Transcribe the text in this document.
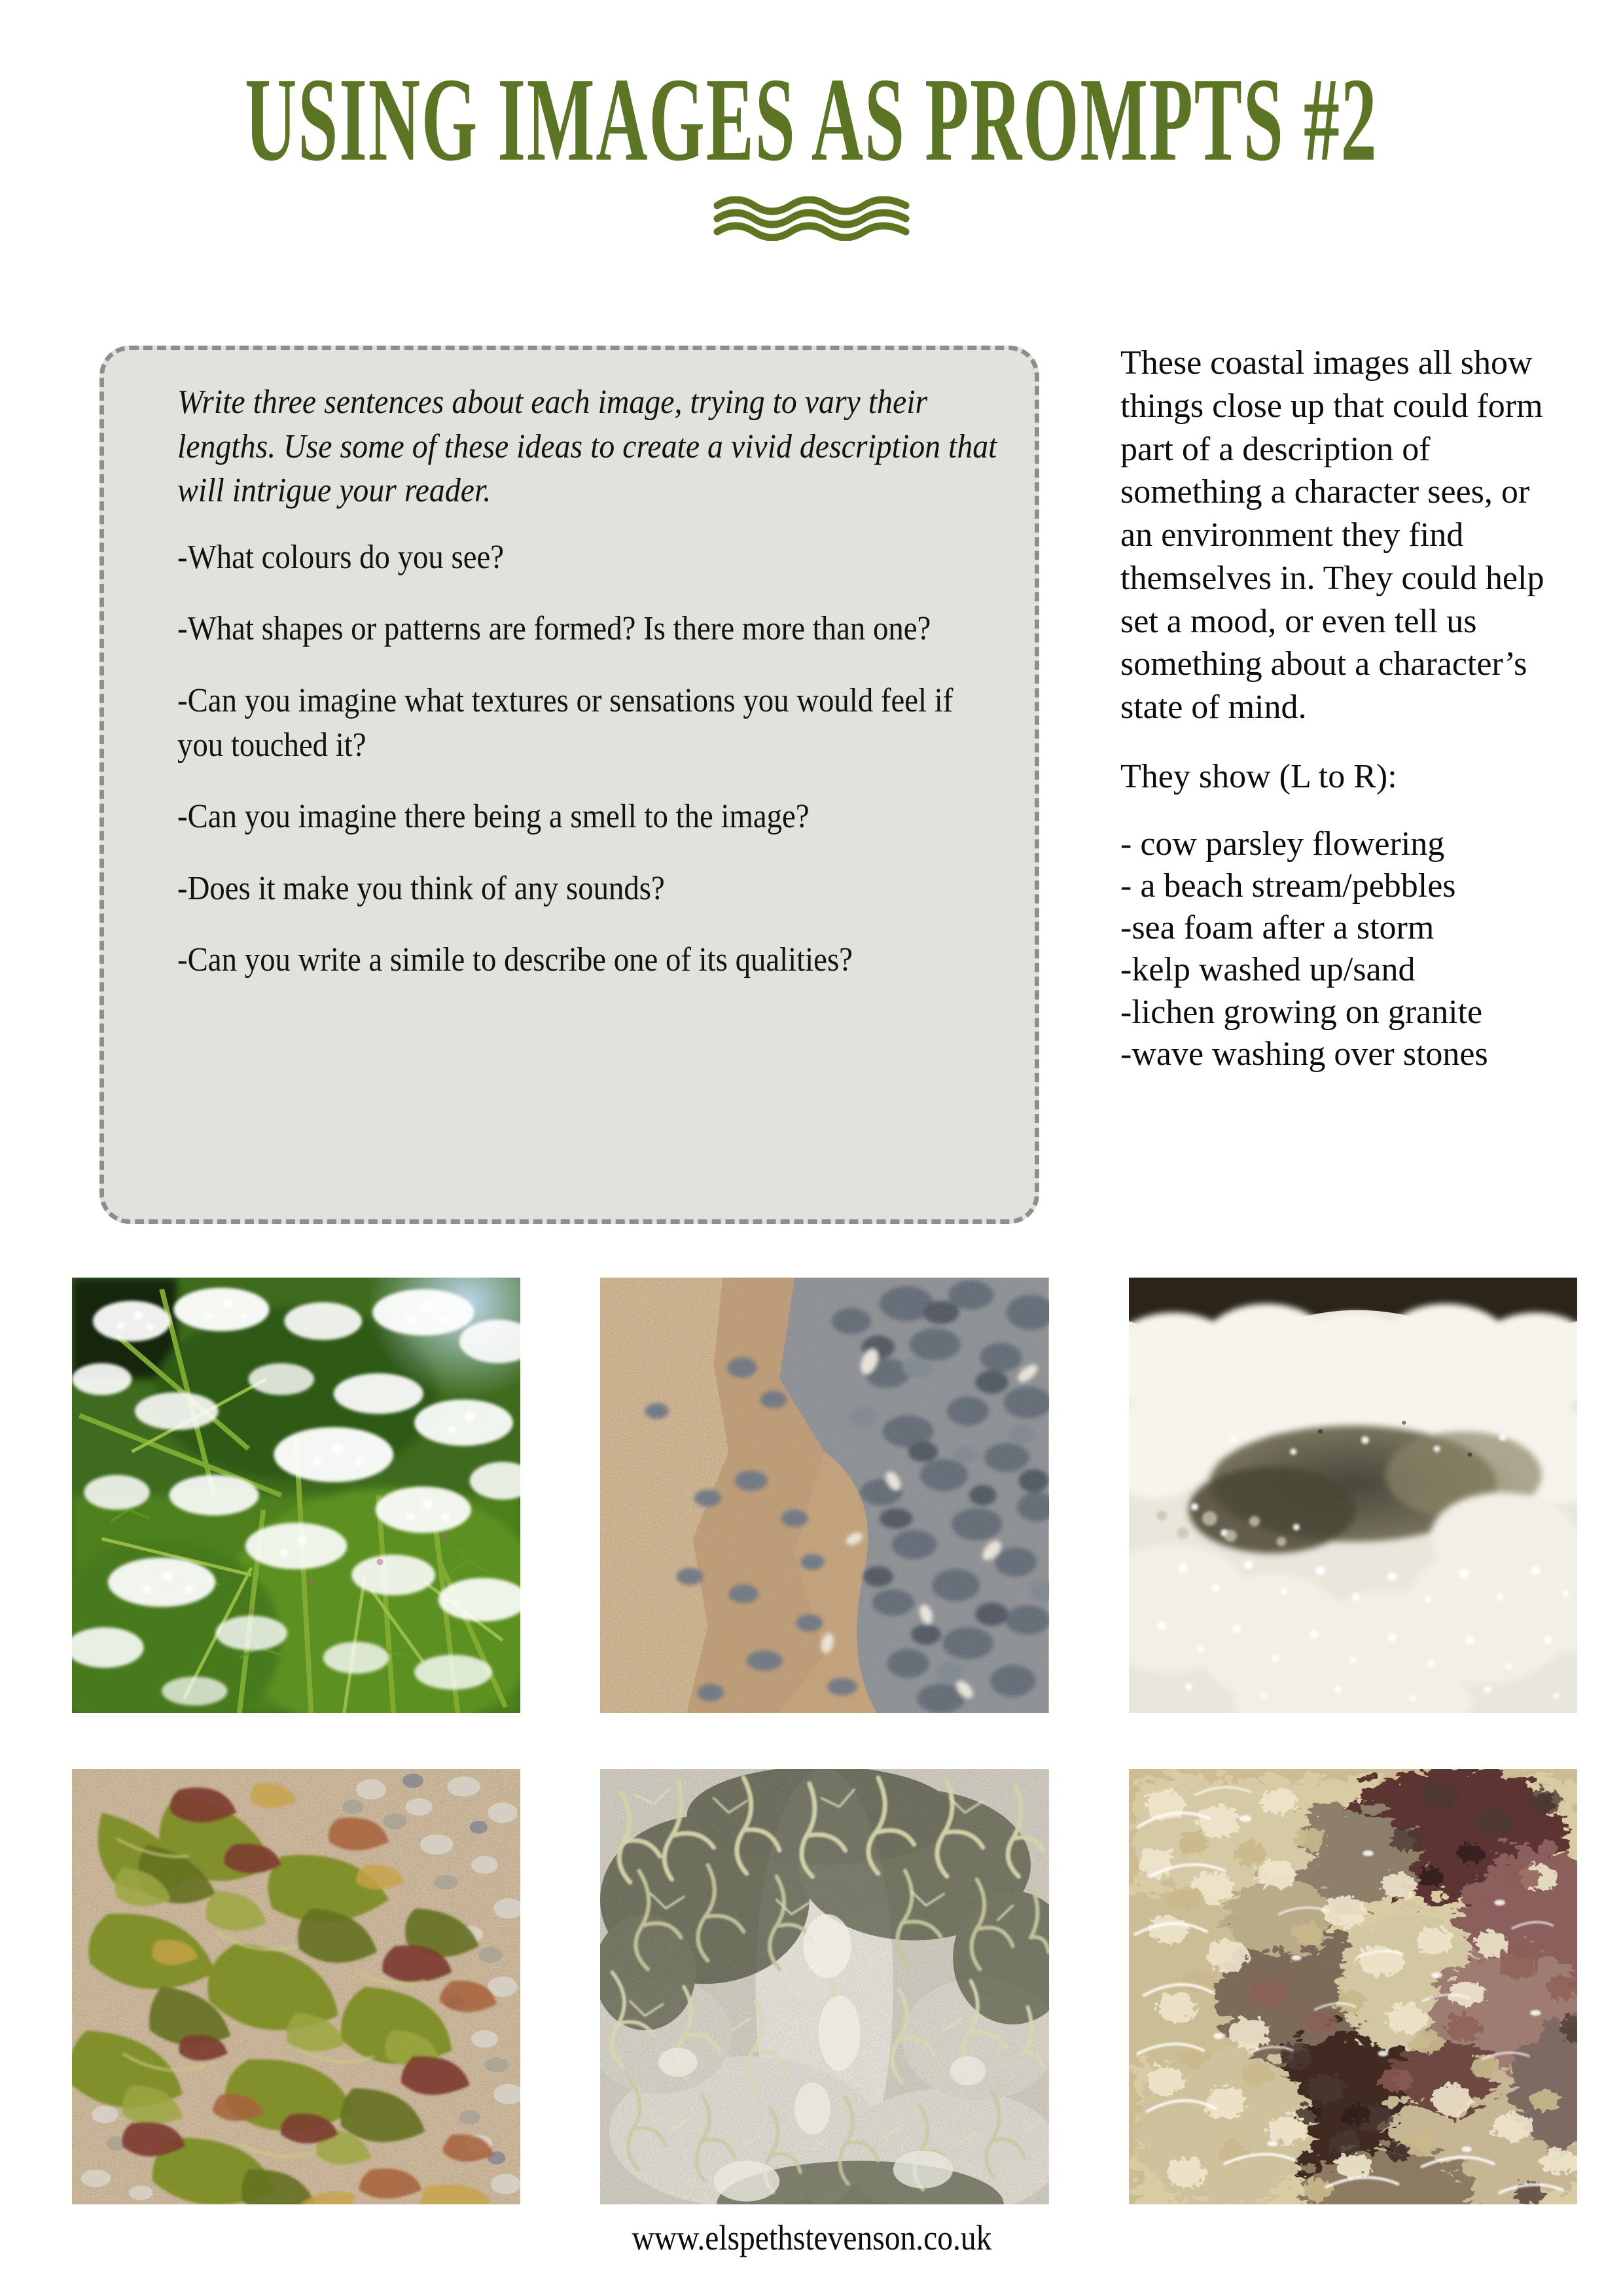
USING IMAGES AS PROMPTS #2

Write three sentences about each image, trying to vary their lengths. Use some of these ideas to create a vivid description that will intrigue your reader.

-What colours do you see?

-What shapes or patterns are formed? Is there more than one?

-Can you imagine what textures or sensations you would feel if you touched it?

-Can you imagine there being a smell to the image?

-Does it make you think of any sounds?

-Can you write a simile to describe one of its qualities?

These coastal images all show things close up that could form part of a description of something a character sees, or an environment they find themselves in. They could help set a mood, or even tell us something about a character’s state of mind.

They show (L to R):

- cow parsley flowering
- a beach stream/pebbles
-sea foam after a storm
-kelp washed up/sand
-lichen growing on granite
-wave washing over stones
www.elspethstevenson.co.uk
